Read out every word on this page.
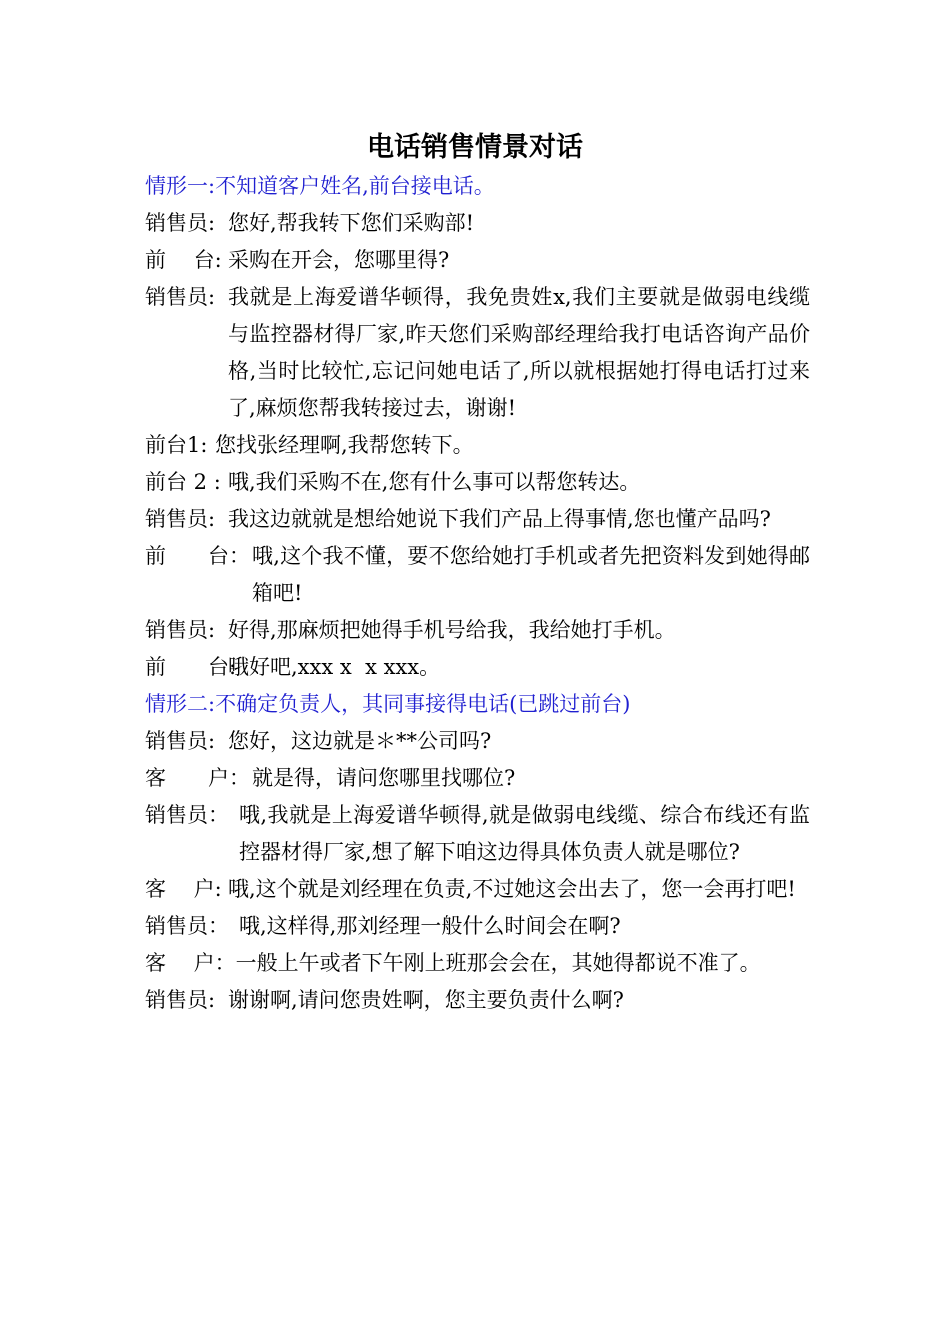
电话销售情景对话

情形一:不知道客户姓名,前台接电话。

销售员: 您好,帮我转下您们采购部!

前　 台: 采购在开会，您哪里得?

销售员: 我就是上海爱谱华顿得，我免贵姓x,我们主要就是做弱电线缆与监控器材得厂家,昨天您们采购部经理给我打电话咨询产品价格,当时比较忙,忘记问她电话了,所以就根据她打得电话打过来了,麻烦您帮我转接过去，谢谢!

前台1: 您找张经理啊,我帮您转下。

前台 2 : 哦,我们采购不在,您有什么事可以帮您转达。

销售员: 我这边就就是想给她说下我们产品上得事情,您也懂产品吗?

前　　台： 哦,这个我不懂，要不您给她打手机或者先把资料发到她得邮箱吧!

销售员: 好得,那麻烦把她得手机号给我，我给她打手机。

前　　台:
哦好吧,xxx x  x xxx。

情形二:不确定负责人，其同事接得电话(已跳过前台)

销售员: 您好，这边就是＊**公司吗?

客　　户： 就是得，请问您哪里找哪位?

销售员： 哦,我就是上海爱谱华顿得,就是做弱电线缆、综合布线还有监控器材得厂家,想了解下咱这边得具体负责人就是哪位?

客　 户: 哦,这个就是刘经理在负责,不过她这会出去了，您一会再打吧!

销售员： 哦,这样得,那刘经理一般什么时间会在啊?

客　 户：一般上午或者下午刚上班那会会在，其她得都说不准了。

销售员: 谢谢啊,请问您贵姓啊，您主要负责什么啊?
